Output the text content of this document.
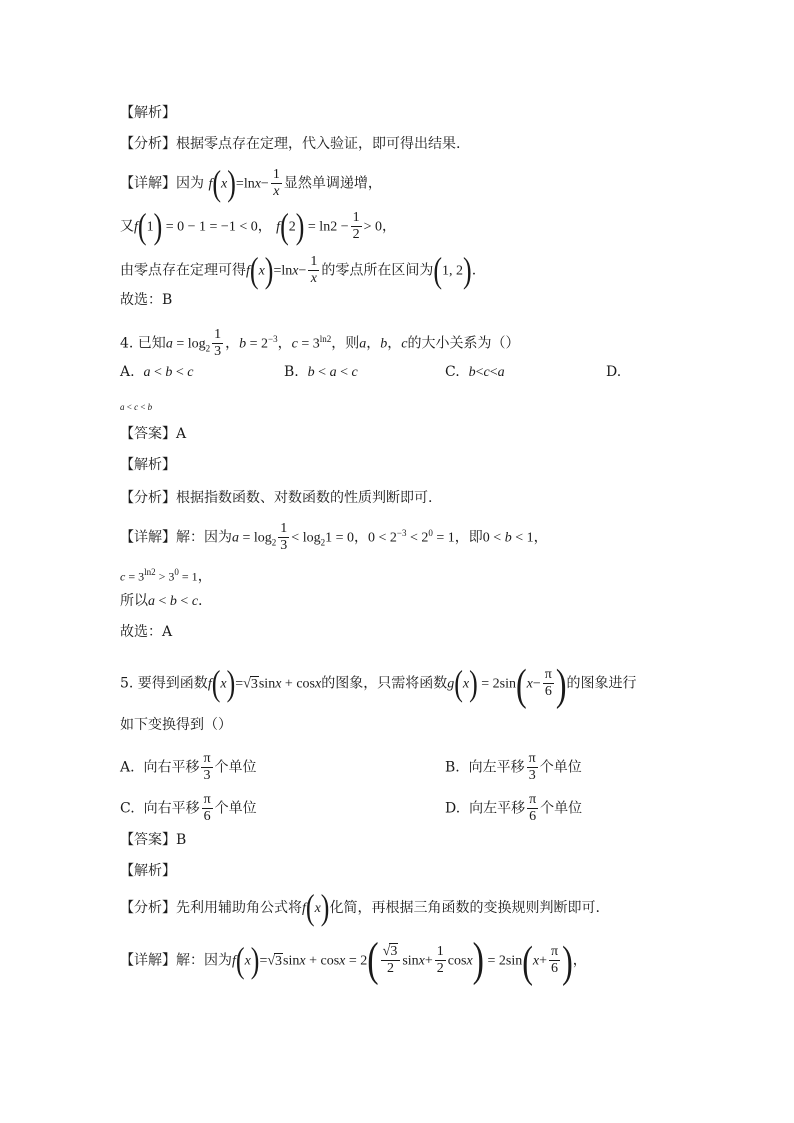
【解析】
【分析】根据零点存在定理，代入验证，即可得出结果.
【详解】因为 $f(x)=\ln x- \frac{1}{x}$ 显然单调递增，
又f(1) = 0 − 1 = −1 < 0， $f(2) = \ln 2 - \frac{1}{2} > 0$，
由零点存在定理可得$f(x)=\ln x- \frac{1}{x}$ 的零点所在区间为(1, 2).
故选：B
4. 已知$a = \log_2 \frac{1}{3}$ ，$b = 2^{-3}$，$c = 3^{ln2}$，则a，b，c的大小关系为（）
A. a < b < c	B. b < a < c	C. b<c<a	D.
a < c < b
【答案】A
【解析】
【分析】根据指数函数、对数函数的性质判断即可.
【详解】解：因为$a = \log_2 \frac{1}{3} < \log_21 = 0$，$0 < 2^{-3} < 2^0 = 1$，即0 < b < 1，
$c = 3^{ln2} > 3^0 = 1$，
所以a < b < c.
故选：A
5. 要得到函数f(x)=√3sinx + cosx的图象，只需将函数$g(x) = 2\sin(x- \frac{\pi}{6}$ )的图象进行
如下变换得到（）
A. 向右平移 $\frac{\pi}{3}$ 个单位	B. 向左平移 $\frac{\pi}{3}$ 个单位
C. 向右平移 $\frac{\pi}{6}$ 个单位	D. 向左平移 $\frac{\pi}{6}$ 个单位
【答案】B
【解析】
【分析】先利用辅助角公式将f(x)化简，再根据三角函数的变换规则判断即可.
【详解】解：因为$f(x)=√3\sin x + \cos x = 2( \frac{√3}{2} \sin x+ \frac{1}{2} \cos x) = 2\sin(x+ \frac{\pi}{6}$ )，
